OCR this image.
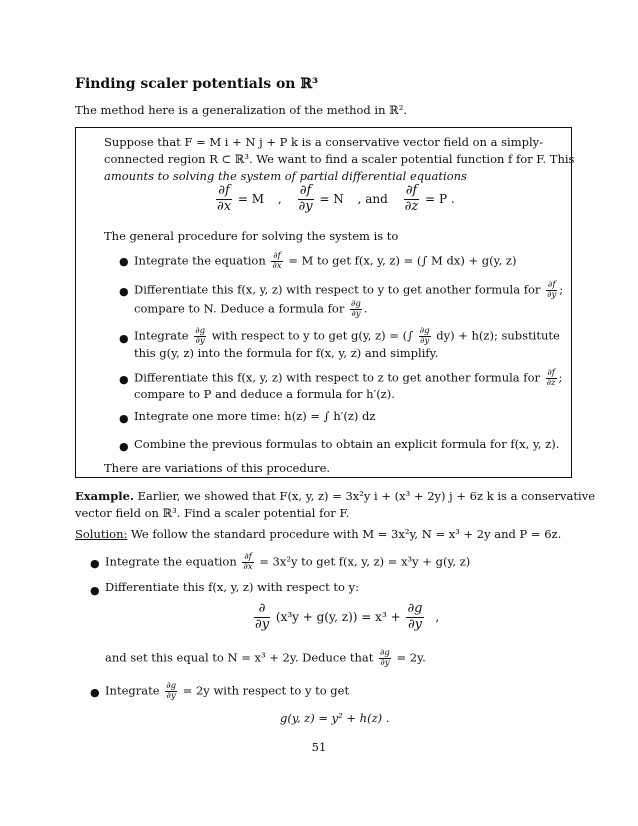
Finding scaler potentials on ℝ³
The method here is a generalization of the method in ℝ².
Suppose that F = M i + N j + P k is a conservative vector field on a simply-
connected region R ⊂ ℝ³. We want to find a scaler potential function f for F. This
amounts to solving the system of partial differential equations
$\frac{\partial f}{\partial x} = M$ , $\frac{\partial f}{\partial y} = N$ , and $\frac{\partial f}{\partial z} = P$ .
The general procedure for solving the system is to
● Integrate the equation $\frac{\partial f}{\partial x} = M$ to get f(x, y, z) = (∫ M dx) + g(y, z)
● Differentiate this f(x, y, z) with respect to y to get another formula for $\frac{\partial f}{\partial y}$ ;
compare to N. Deduce a formula for $\frac{\partial g}{\partial y}$ .
● Integrate $\frac{\partial g}{\partial y}$ with respect to y to get g(y, z) = (∫ $\frac{\partial g}{\partial y} dy) + h(z)$; substitute
this g(y, z) into the formula for f(x, y, z) and simplify.
● Differentiate this f(x, y, z) with respect to z to get another formula for $\frac{\partial f}{\partial z}$ ;
compare to P and deduce a formula for h′(z).
● Integrate one more time: h(z) = ∫ h′(z) dz
● Combine the previous formulas to obtain an explicit formula for f(x, y, z).
There are variations of this procedure.
Example. Earlier, we showed that F(x, y, z) = 3x²y i + (x³ + 2y) j + 6z k is a conservative
vector field on ℝ³. Find a scaler potential for F.
Solution: We follow the standard procedure with M = 3x²y, N = x³ + 2y and P = 6z.
● Integrate the equation $\frac{\partial f}{\partial x} = 3x^2y$ to get f(x, y, z) = x³y + g(y, z)
● Differentiate this f(x, y, z) with respect to y:
$\frac{\partial}{\partial y} (x^3y + g(y$, $z)) = x^3 + \frac{\partial g}{\partial y}$ ,
and set this equal to N = x³ + 2y. Deduce that $\frac{\partial g}{\partial y} = 2y$.
● Integrate $\frac{\partial g}{\partial y} = 2y$ with respect to y to get
g(y, z) = y² + h(z) .
51
